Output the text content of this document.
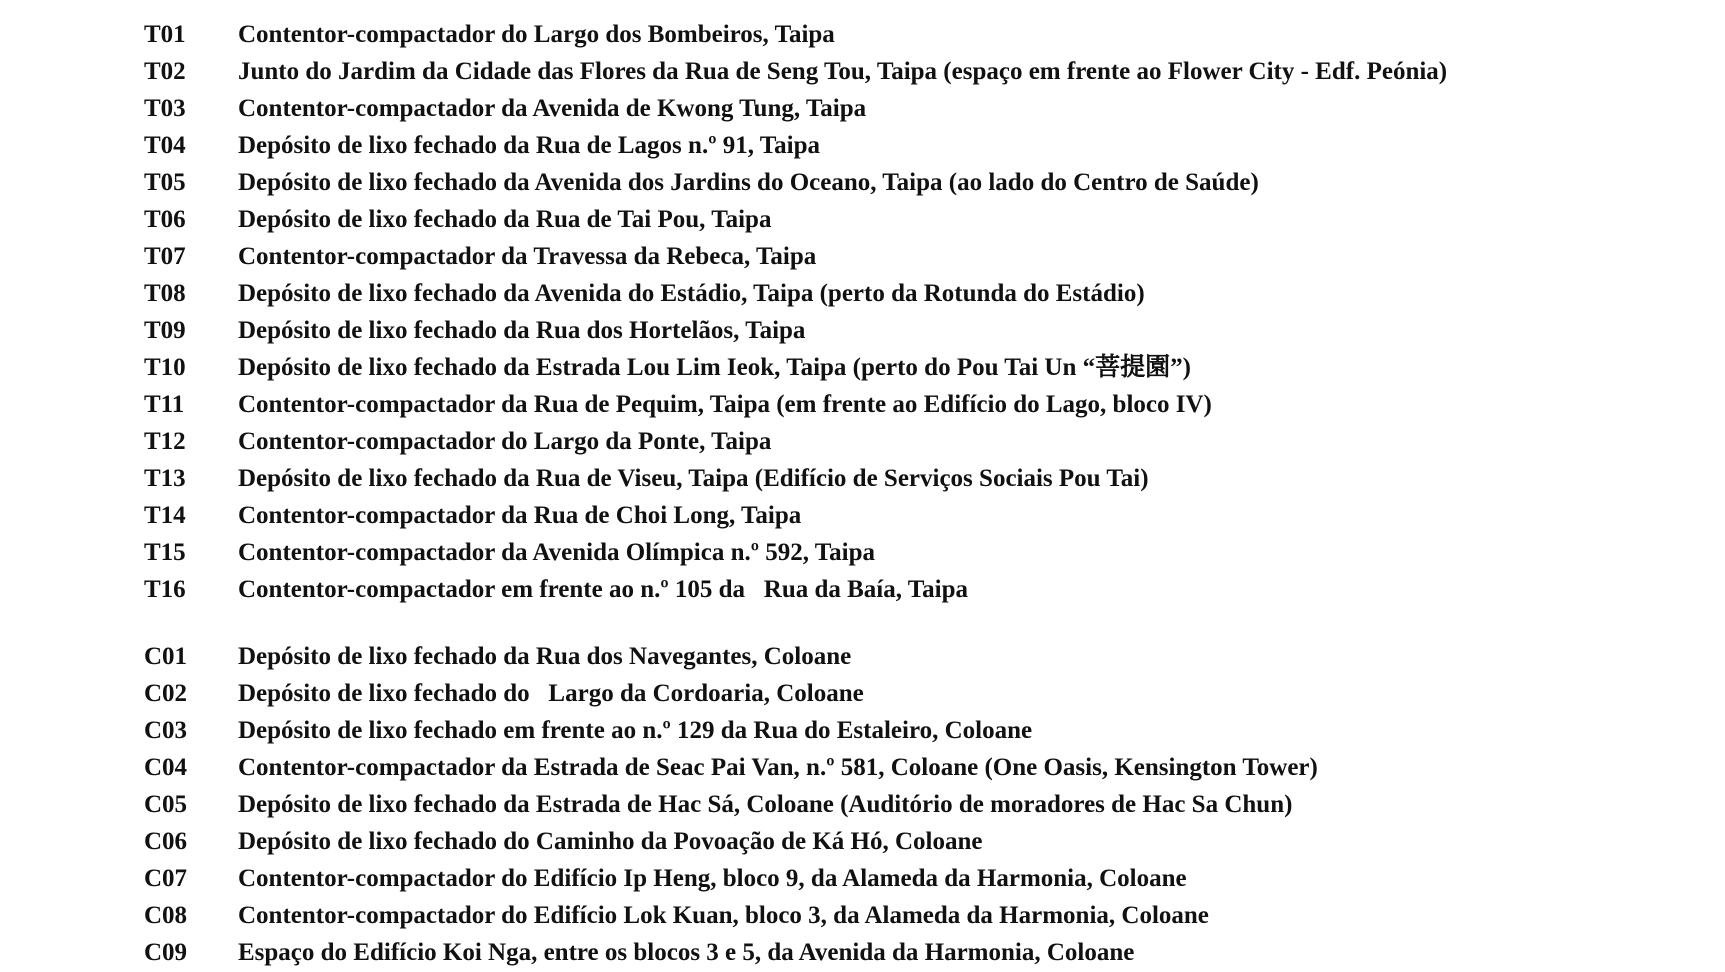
T01 Contentor-compactador do Largo dos Bombeiros, Taipa
T02 Junto do Jardim da Cidade das Flores da Rua de Seng Tou, Taipa (espaço em frente ao Flower City - Edf. Peónia)
T03 Contentor-compactador da Avenida de Kwong Tung, Taipa
T04 Depósito de lixo fechado da Rua de Lagos n.º 91, Taipa
T05 Depósito de lixo fechado da Avenida dos Jardins do Oceano, Taipa (ao lado do Centro de Saúde)
T06 Depósito de lixo fechado da Rua de Tai Pou, Taipa
T07 Contentor-compactador da Travessa da Rebeca, Taipa
T08 Depósito de lixo fechado da Avenida do Estádio, Taipa (perto da Rotunda do Estádio)
T09 Depósito de lixo fechado da Rua dos Hortelãos, Taipa
T10 Depósito de lixo fechado da Estrada Lou Lim Ieok, Taipa (perto do Pou Tai Un “菩提園”)
T11 Contentor-compactador da Rua de Pequim, Taipa (em frente ao Edifício do Lago, bloco IV)
T12 Contentor-compactador do Largo da Ponte, Taipa
T13 Depósito de lixo fechado da Rua de Viseu, Taipa (Edifício de Serviços Sociais Pou Tai)
T14 Contentor-compactador da Rua de Choi Long, Taipa
T15 Contentor-compactador da Avenida Olímpica n.º 592, Taipa
T16 Contentor-compactador em frente ao n.º 105 da   Rua da Baía, Taipa
C01 Depósito de lixo fechado da Rua dos Navegantes, Coloane
C02 Depósito de lixo fechado do   Largo da Cordoaria, Coloane
C03 Depósito de lixo fechado em frente ao n.º 129 da Rua do Estaleiro, Coloane
C04 Contentor-compactador da Estrada de Seac Pai Van, n.º 581, Coloane (One Oasis, Kensington Tower)
C05 Depósito de lixo fechado da Estrada de Hac Sá, Coloane (Auditório de moradores de Hac Sa Chun)
C06 Depósito de lixo fechado do Caminho da Povoação de Ká Hó, Coloane
C07 Contentor-compactador do Edifício Ip Heng, bloco 9, da Alameda da Harmonia, Coloane
C08 Contentor-compactador do Edifício Lok Kuan, bloco 3, da Alameda da Harmonia, Coloane
C09 Espaço do Edifício Koi Nga, entre os blocos 3 e 5, da Avenida da Harmonia, Coloane
